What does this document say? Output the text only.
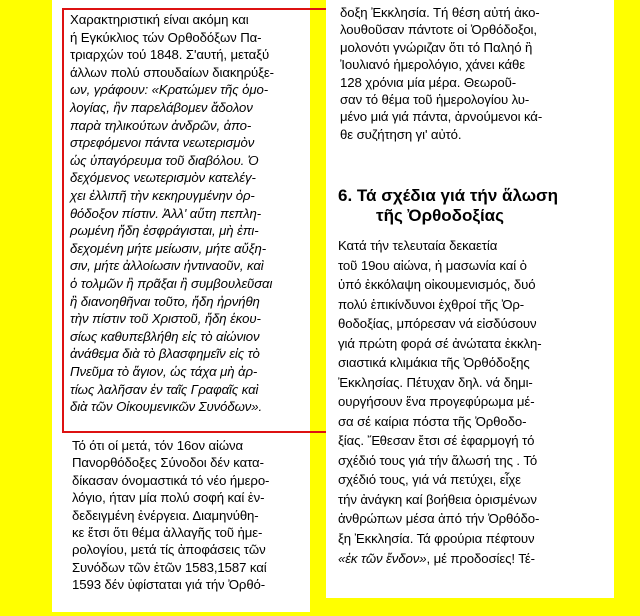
Χαρακτηριστική είναι ακόμη και
ή Εγκύκλιος τών Ορθοδόξων Πα-
τριαρχών τού 1848. Σ'αυτή, μεταξύ
άλλων πολύ σπουδαίων διακηρύξε-
ων, γράφουν: «Κρατώμεν τῆς ὁμο-
λογίας, ἣν παρελάβομεν ἄδολον
παρὰ τηλικούτων ἀνδρῶν, ἀπο-
στρεφόμενοι πάντα νεωτερισμὸν
ὡς ὑπαγόρευμα τοῦ διαβόλου. Ὁ
δεχόμενος νεωτερισμὸν κατελέγ-
χει ἐλλιπῆ τὴν κεκηρυγμένην ὀρ-
θόδοξον πίστιν. Ἀλλ' αὕτη πεπλη-
ρωμένη ἤδη ἐσφράγισται, μὴ ἐπι-
δεχομένη μήτε μείωσιν, μήτε αὔξη-
σιν, μήτε ἀλλοίωσιν ἡντιναοῦν, καὶ
ὁ τολμῶν ἢ πρᾶξαι ἢ συμβουλεῦσαι
ἢ διανοηθῆναι τοῦτο, ἤδη ἠρνήθη
τὴν πίστιν τοῦ Χριστοῦ, ἤδη ἑκου-
σίως καθυπεβλήθη εἰς τὸ αἰώνιον
ἀνάθεμα διὰ τὸ βλασφημεῖν εἰς τὸ
Πνεῦμα τὸ ἅγιον, ὡς τάχα μὴ ἀρ-
τίως λαλῆσαν ἐν ταῖς Γραφαῖς καὶ
διὰ τῶν Οἰκουμενικῶν Συνόδων».
Τό ότι οί μετά, τόν 16ον αἰώνα
Πανορθόδοξες Σύνοδοι δέν κατα-
δίκασαν όνομαστικά τό νέο ήμερο-
λόγιο, ήταν μία πολύ σοφή καί ἐν-
δεδειγμένη ἐνέργεια. Διαμηνύθη-
κε ἔτσι ὅτι θέμα ἀλλαγῆς τοῦ ἡμε-
ρολογίου, μετά τίς ἀποφάσεις τῶν
Συνόδων τῶν ἐτῶν 1583,1587 καί
1593 δέν ὑφίσταται γιά τήν Ὀρθό-
δοξη Ἐκκλησία. Τή θέση αὐτή ἀκο-
λουθοῦσαν πάντοτε οἱ Ὀρθόδοξοι,
μολονότι γνώριζαν ὅτι τό Παληό ἢ
Ἰουλιανό ἡμερολόγιο, χάνει κάθε
128 χρόνια μία μέρα. Θεωροῦ-
σαν τό θέμα τοῦ ἡμερολογίου λυ-
μένο μιά γιά πάντα, ἀρνούμενοι κά-
θε συζήτηση γι' αὐτό.
6. Τά σχέδια γιά τήν ἅλωση
τῆς Ὀρθοδοξίας
Κατά τήν τελευταία δεκαετία
τοῦ 19ου αἰώνα, ἡ μασωνία καί ὁ
ὑπό ἐκκόλαψη οἰκουμενισμός, δυό
πολύ ἐπικίνδυνοι ἐχθροί τῆς Ὀρ-
θοδοξίας, μπόρεσαν νά εἰσδύσουν
γιά πρώτη φορά σέ ἀνώτατα ἐκκλη-
σιαστικά κλιμάκια τῆς Ὀρθόδοξης
Ἐκκλησίας. Πέτυχαν δηλ. νά δημι-
ουργήσουν ἕνα προγεφύρωμα μέ-
σα σέ καίρια πόστα τῆς Ὀρθοδο-
ξίας. Ἔθεσαν ἔτσι σέ ἐφαρμογή τό
σχέδιό τους γιά τήν ἅλωσή της . Τό
σχέδιό τους, γιά νά πετύχει, εἶχε
τήν ἀνάγκη καί βοήθεια ὁρισμένων
ἀνθρώπων μέσα ἀπό τήν Ὀρθόδο-
ξη Ἐκκλησία. Τά φρούρια πέφτουν
«ἐκ τῶν ἔνδον», μέ προδοσίες! Τέ-
